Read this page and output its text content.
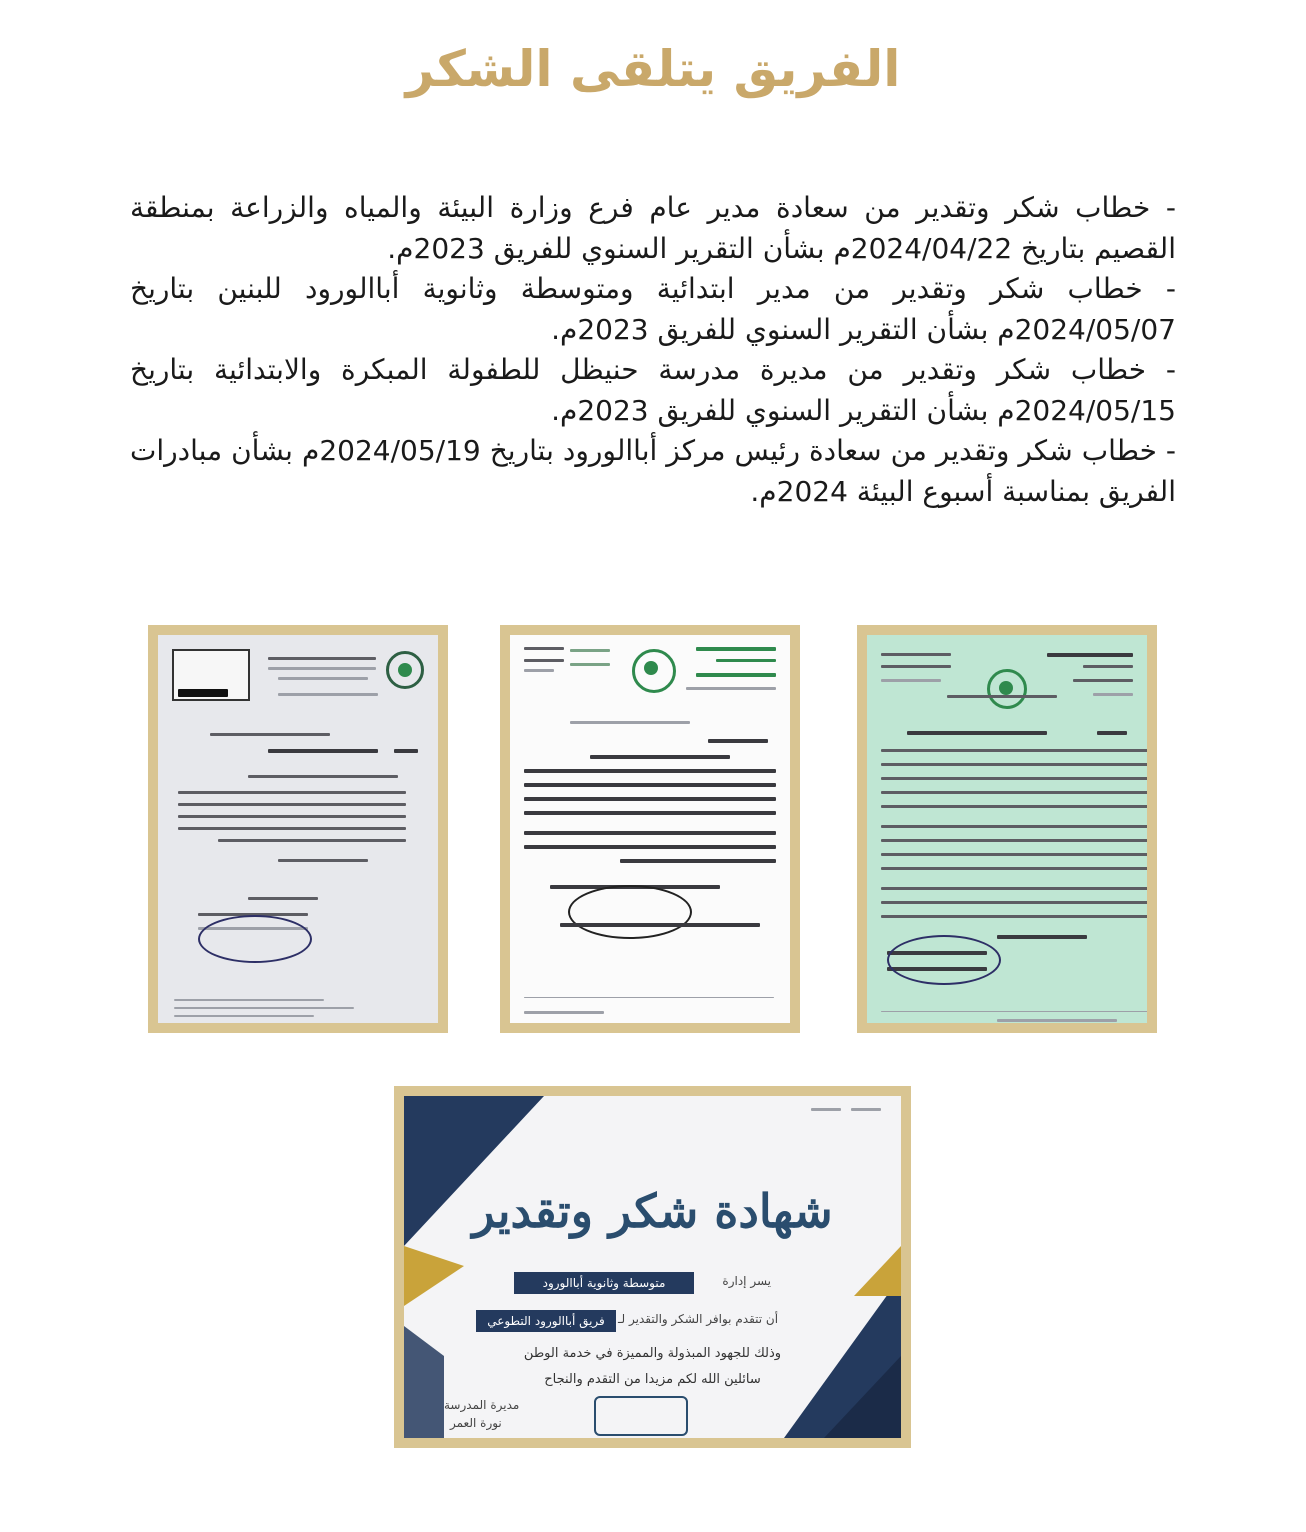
الفريق يتلقى الشكر
- خطاب شكر وتقدير من سعادة مدير عام فرع وزارة البيئة والمياه والزراعة بمنطقة القصيم بتاريخ 2024/04/22م بشأن التقرير السنوي للفريق 2023م.
- خطاب شكر وتقدير من مدير ابتدائية ومتوسطة وثانوية أباالورود للبنين بتاريخ 2024/05/07م بشأن التقرير السنوي للفريق 2023م.
- خطاب شكر وتقدير من مديرة مدرسة حنيظل للطفولة المبكرة والابتدائية بتاريخ 2024/05/15م بشأن التقرير السنوي للفريق 2023م.
- خطاب شكر وتقدير من سعادة رئيس مركز أباالورود بتاريخ 2024/05/19م بشأن مبادرات الفريق بمناسبة أسبوع البيئة 2024م.
شهادة شكر وتقدير
يسر إدارة
متوسطة وثانوية أباالورود
أن تتقدم بوافر الشكر والتقدير لـ
فريق أباالورود التطوعي
وذلك للجهود المبذولة والمميزة في خدمة الوطن
سائلين الله لكم مزيدا من التقدم والنجاح
مديرة المدرسة
نورة العمر
